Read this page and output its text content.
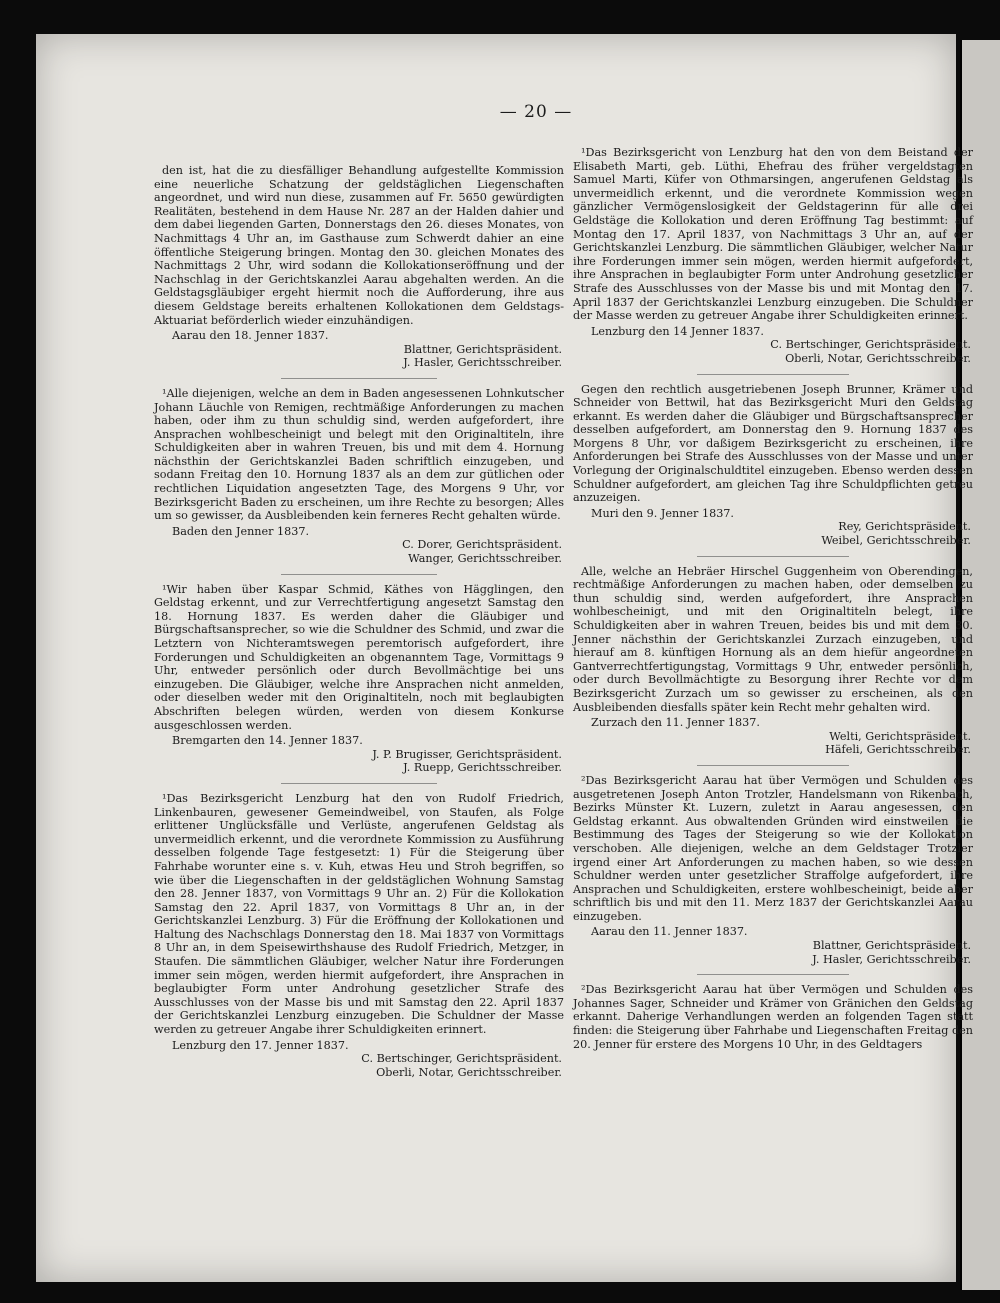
— 20 —

den ist, hat die zu diesfälliger Behandlung aufgestellte Kommission eine neuerliche Schatzung der geldstäglichen Liegenschaften angeordnet, und wird nun diese, zusammen auf Fr. 5650 gewürdigten Realitäten, bestehend in dem Hause Nr. 287 an der Halden dahier und dem dabei liegenden Garten, Donnerstags den 26. dieses Monates, von Nachmittags 4 Uhr an, im Gasthause zum Schwerdt dahier an eine öffentliche Steigerung bringen. Montag den 30. gleichen Monates des Nachmittags 2 Uhr, wird sodann die Kollokationseröffnung und der Nachschlag in der Gerichtskanzlei Aarau abgehalten werden. An die Geldstagsgläubiger ergeht hiermit noch die Aufforderung, ihre aus diesem Geldstage bereits erhaltenen Kollokationen dem Geldstags-Aktuariat beförderlich wieder einzuhändigen.

Aarau den 18. Jenner 1837.

Blattner, Gerichtspräsident.

J. Hasler, Gerichtsschreiber.

¹Alle diejenigen, welche an dem in Baden angesessenen Lohnkutscher Johann Läuchle von Remigen, rechtmäßige Anforderungen zu machen haben, oder ihm zu thun schuldig sind, werden aufgefordert, ihre Ansprachen wohlbescheinigt und belegt mit den Originaltiteln, ihre Schuldigkeiten aber in wahren Treuen, bis und mit dem 4. Hornung nächsthin der Gerichtskanzlei Baden schriftlich einzugeben, und sodann Freitag den 10. Hornung 1837 als an dem zur gütlichen oder rechtlichen Liquidation angesetzten Tage, des Morgens 9 Uhr, vor Bezirksgericht Baden zu erscheinen, um ihre Rechte zu besorgen; Alles um so gewisser, da Ausbleibenden kein ferneres Recht gehalten würde.

Baden den Jenner 1837.

C. Dorer, Gerichtspräsident.

Wanger, Gerichtsschreiber.

¹Wir haben über Kaspar Schmid, Käthes von Hägglingen, den Geldstag erkennt, und zur Verrechtfertigung angesetzt Samstag den 18. Hornung 1837. Es werden daher die Gläubiger und Bürgschaftsansprecher, so wie die Schuldner des Schmid, und zwar die Letztern von Nichteramtswegen peremtorisch aufgefordert, ihre Forderungen und Schuldigkeiten an obgenanntem Tage, Vormittags 9 Uhr, entweder persönlich oder durch Bevollmächtige bei uns einzugeben. Die Gläubiger, welche ihre Ansprachen nicht anmelden, oder dieselben weder mit den Originaltiteln, noch mit beglaubigten Abschriften belegen würden, werden von diesem Konkurse ausgeschlossen werden.

Bremgarten den 14. Jenner 1837.

J. P. Brugisser, Gerichtspräsident.

J. Ruepp, Gerichtsschreiber.

¹Das Bezirksgericht Lenzburg hat den von Rudolf Friedrich, Linkenbauren, gewesener Gemeindweibel, von Staufen, als Folge erlittener Unglücksfälle und Verlüste, angerufenen Geldstag als unvermeidlich erkennt, und die verordnete Kommission zu Ausführung desselben folgende Tage festgesetzt: 1) Für die Steigerung über Fahrhabe worunter eine s. v. Kuh, etwas Heu und Stroh begriffen, so wie über die Liegenschaften in der geldstäglichen Wohnung Samstag den 28. Jenner 1837, von Vormittags 9 Uhr an. 2) Für die Kollokation Samstag den 22. April 1837, von Vormittags 8 Uhr an, in der Gerichtskanzlei Lenzburg. 3) Für die Eröffnung der Kollokationen und Haltung des Nachschlags Donnerstag den 18. Mai 1837 von Vormittags 8 Uhr an, in dem Speisewirthshause des Rudolf Friedrich, Metzger, in Staufen. Die sämmtlichen Gläubiger, welcher Natur ihre Forderungen immer sein mögen, werden hiermit aufgefordert, ihre Ansprachen in beglaubigter Form unter Androhung gesetzlicher Strafe des Ausschlusses von der Masse bis und mit Samstag den 22. April 1837 der Gerichtskanzlei Lenzburg einzugeben. Die Schuldner der Masse werden zu getreuer Angabe ihrer Schuldigkeiten erinnert.

Lenzburg den 17. Jenner 1837.

C. Bertschinger, Gerichtspräsident.

Oberli, Notar, Gerichtsschreiber.

¹Das Bezirksgericht von Lenzburg hat den von dem Beistand der Elisabeth Marti, geb. Lüthi, Ehefrau des früher vergeldstagten Samuel Marti, Küfer von Othmarsingen, angerufenen Geldstag als unvermeidlich erkennt, und die verordnete Kommission wegen gänzlicher Vermögenslosigkeit der Geldstagerinn für alle drei Geldstäge die Kollokation und deren Eröffnung Tag bestimmt: auf Montag den 17. April 1837, von Nachmittags 3 Uhr an, auf der Gerichtskanzlei Lenzburg. Die sämmtlichen Gläubiger, welcher Natur ihre Forderungen immer sein mögen, werden hiermit aufgefordert, ihre Ansprachen in beglaubigter Form unter Androhung gesetzlicher Strafe des Ausschlusses von der Masse bis und mit Montag den 17. April 1837 der Gerichtskanzlei Lenzburg einzugeben. Die Schuldner der Masse werden zu getreuer Angabe ihrer Schuldigkeiten erinnert.

Lenzburg den 14 Jenner 1837.

C. Bertschinger, Gerichtspräsident.

Oberli, Notar, Gerichtsschreiber.

Gegen den rechtlich ausgetriebenen Joseph Brunner, Krämer und Schneider von Bettwil, hat das Bezirksgericht Muri den Geldstag erkannt. Es werden daher die Gläubiger und Bürgschaftsansprecher desselben aufgefordert, am Donnerstag den 9. Hornung 1837 des Morgens 8 Uhr, vor daßigem Bezirksgericht zu erscheinen, ihre Anforderungen bei Strafe des Ausschlusses von der Masse und unter Vorlegung der Originalschuldtitel einzugeben. Ebenso werden dessen Schuldner aufgefordert, am gleichen Tag ihre Schuldpflichten getreu anzuzeigen.

Muri den 9. Jenner 1837.

Rey, Gerichtspräsident.

Weibel, Gerichtsschreiber.

Alle, welche an Hebräer Hirschel Guggenheim von Oberendingen, rechtmäßige Anforderungen zu machen haben, oder demselben zu thun schuldig sind, werden aufgefordert, ihre Ansprachen wohlbescheinigt, und mit den Originaltiteln belegt, ihre Schuldigkeiten aber in wahren Treuen, beides bis und mit dem 30. Jenner nächsthin der Gerichtskanzlei Zurzach einzugeben, und hierauf am 8. künftigen Hornung als an dem hiefür angeordneten Gantverrechtfertigungstag, Vormittags 9 Uhr, entweder persönlich, oder durch Bevollmächtigte zu Besorgung ihrer Rechte vor dem Bezirksgericht Zurzach um so gewisser zu erscheinen, als den Ausbleibenden diesfalls später kein Recht mehr gehalten wird.

Zurzach den 11. Jenner 1837.

Welti, Gerichtspräsident.

Häfeli, Gerichtsschreiber.

²Das Bezirksgericht Aarau hat über Vermögen und Schulden des ausgetretenen Joseph Anton Trotzler, Handelsmann von Rikenbach, Bezirks Münster Kt. Luzern, zuletzt in Aarau angesessen, den Geldstag erkannt. Aus obwaltenden Gründen wird einstweilen die Bestimmung des Tages der Steigerung so wie der Kollokation verschoben. Alle diejenigen, welche an dem Geldstager Trotzler irgend einer Art Anforderungen zu machen haben, so wie dessen Schuldner werden unter gesetzlicher Straffolge aufgefordert, ihre Ansprachen und Schuldigkeiten, erstere wohlbescheinigt, beide aber schriftlich bis und mit den 11. Merz 1837 der Gerichtskanzlei Aarau einzugeben.

Aarau den 11. Jenner 1837.

Blattner, Gerichtspräsident.

J. Hasler, Gerichtsschreiber.

²Das Bezirksgericht Aarau hat über Vermögen und Schulden des Johannes Sager, Schneider und Krämer von Gränichen den Geldstag erkannt. Daherige Verhandlungen werden an folgenden Tagen statt finden: die Steigerung über Fahrhabe und Liegenschaften Freitag den 20. Jenner für erstere des Morgens 10 Uhr, in des Geldtagers
